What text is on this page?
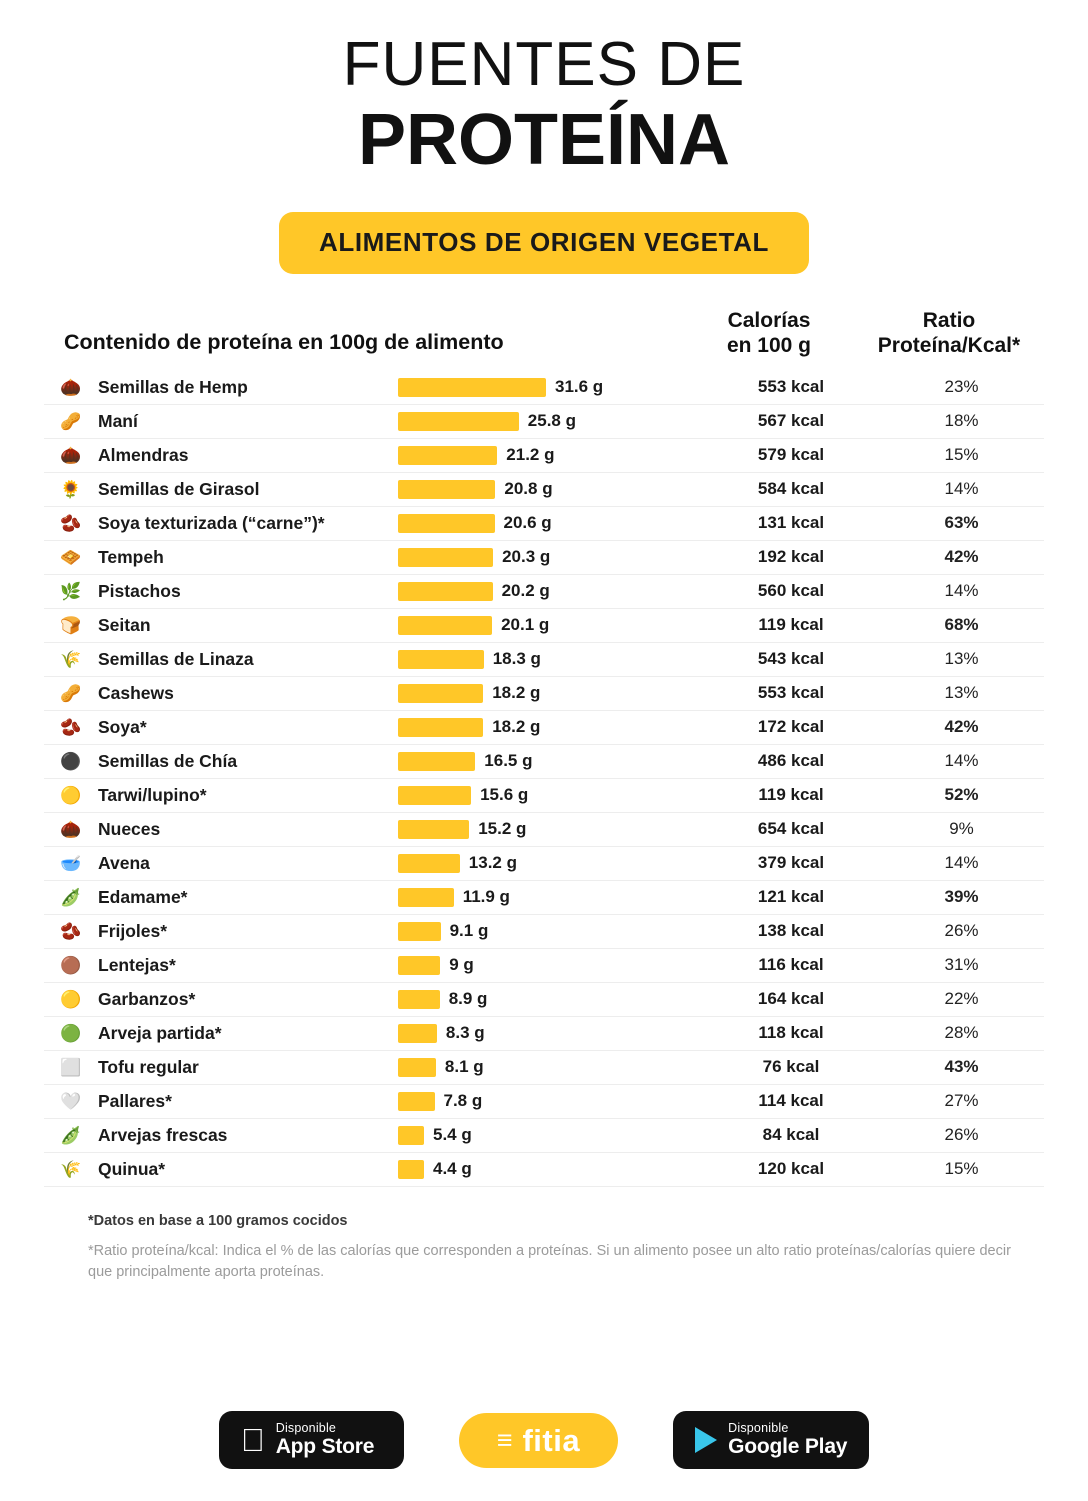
FUENTES DE
PROTEÍNA
ALIMENTOS DE ORIGEN VEGETAL
Contenido de proteína en 100g de alimento
Calorías
en 100 g
Ratio
Proteína/Kcal*
🌰 Semillas de Hemp	31.6 g	553 kcal	23%
🥜 Maní	25.8 g	567 kcal	18%
🌰 Almendras	21.2 g	579 kcal	15%
🌻 Semillas de Girasol	20.8 g	584 kcal	14%
🫘 Soya texturizada (“carne”)*	20.6 g	131 kcal	63%
🧇 Tempeh	20.3 g	192 kcal	42%
🌿 Pistachos	20.2 g	560 kcal	14%
🍞 Seitan	20.1 g	119 kcal	68%
🌾 Semillas de Linaza	18.3 g	543 kcal	13%
🥜 Cashews	18.2 g	553 kcal	13%
🫘 Soya*	18.2 g	172 kcal	42%
⚫ Semillas de Chía	16.5 g	486 kcal	14%
🟡 Tarwi/lupino*	15.6 g	119 kcal	52%
🌰 Nueces	15.2 g	654 kcal	9%
🥣 Avena	13.2 g	379 kcal	14%
🫛 Edamame*	11.9 g	121 kcal	39%
🫘 Frijoles*	9.1 g	138 kcal	26%
🟤 Lentejas*	9 g	116 kcal	31%
🟡 Garbanzos*	8.9 g	164 kcal	22%
🟢 Arveja partida*	8.3 g	118 kcal	28%
⬜ Tofu regular	8.1 g	76 kcal	43%
🤍 Pallares*	7.8 g	114 kcal	27%
🫛 Arvejas frescas	5.4 g	84 kcal	26%
🌾 Quinua*	4.4 g	120 kcal	15%
*Datos en base a 100 gramos cocidos
*Ratio proteína/kcal: Indica el % de las calorías que corresponden a proteínas. Si un alimento posee un alto ratio proteínas/calorías quiere decir que principalmente aporta proteínas.
Disponible
App Store	≡ fitia	Disponible
Google Play
